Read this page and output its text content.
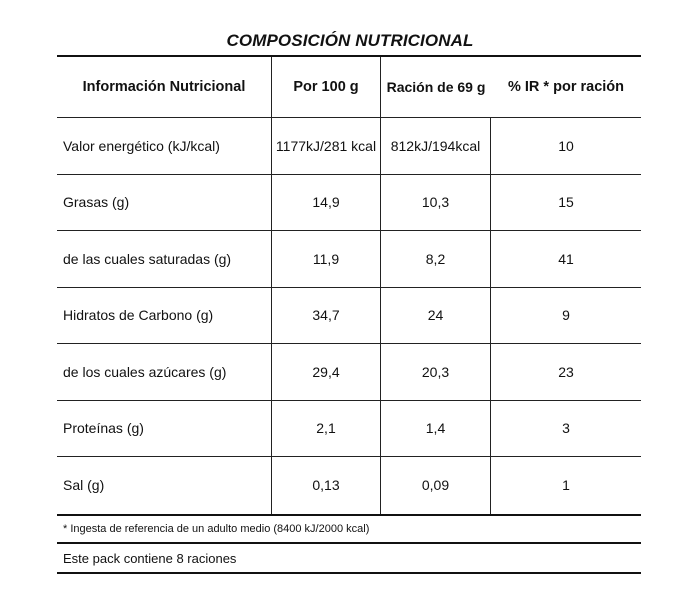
COMPOSICIÓN NUTRICIONAL
Información Nutricional	Por 100 g	Ración de 69 g	% IR * por ración
Valor energético (kJ/kcal)	1177kJ/281 kcal	812kJ/194kcal	10
Grasas (g)	14,9	10,3	15
de las cuales saturadas (g)	11,9	8,2	41
Hidratos de Carbono (g)	34,7	24	9
de los cuales azúcares (g)	29,4	20,3	23
Proteínas (g)	2,1	1,4	3
Sal (g)	0,13	0,09	1
* Ingesta de referencia de un adulto medio (8400 kJ/2000 kcal)
Este pack contiene 8 raciones
